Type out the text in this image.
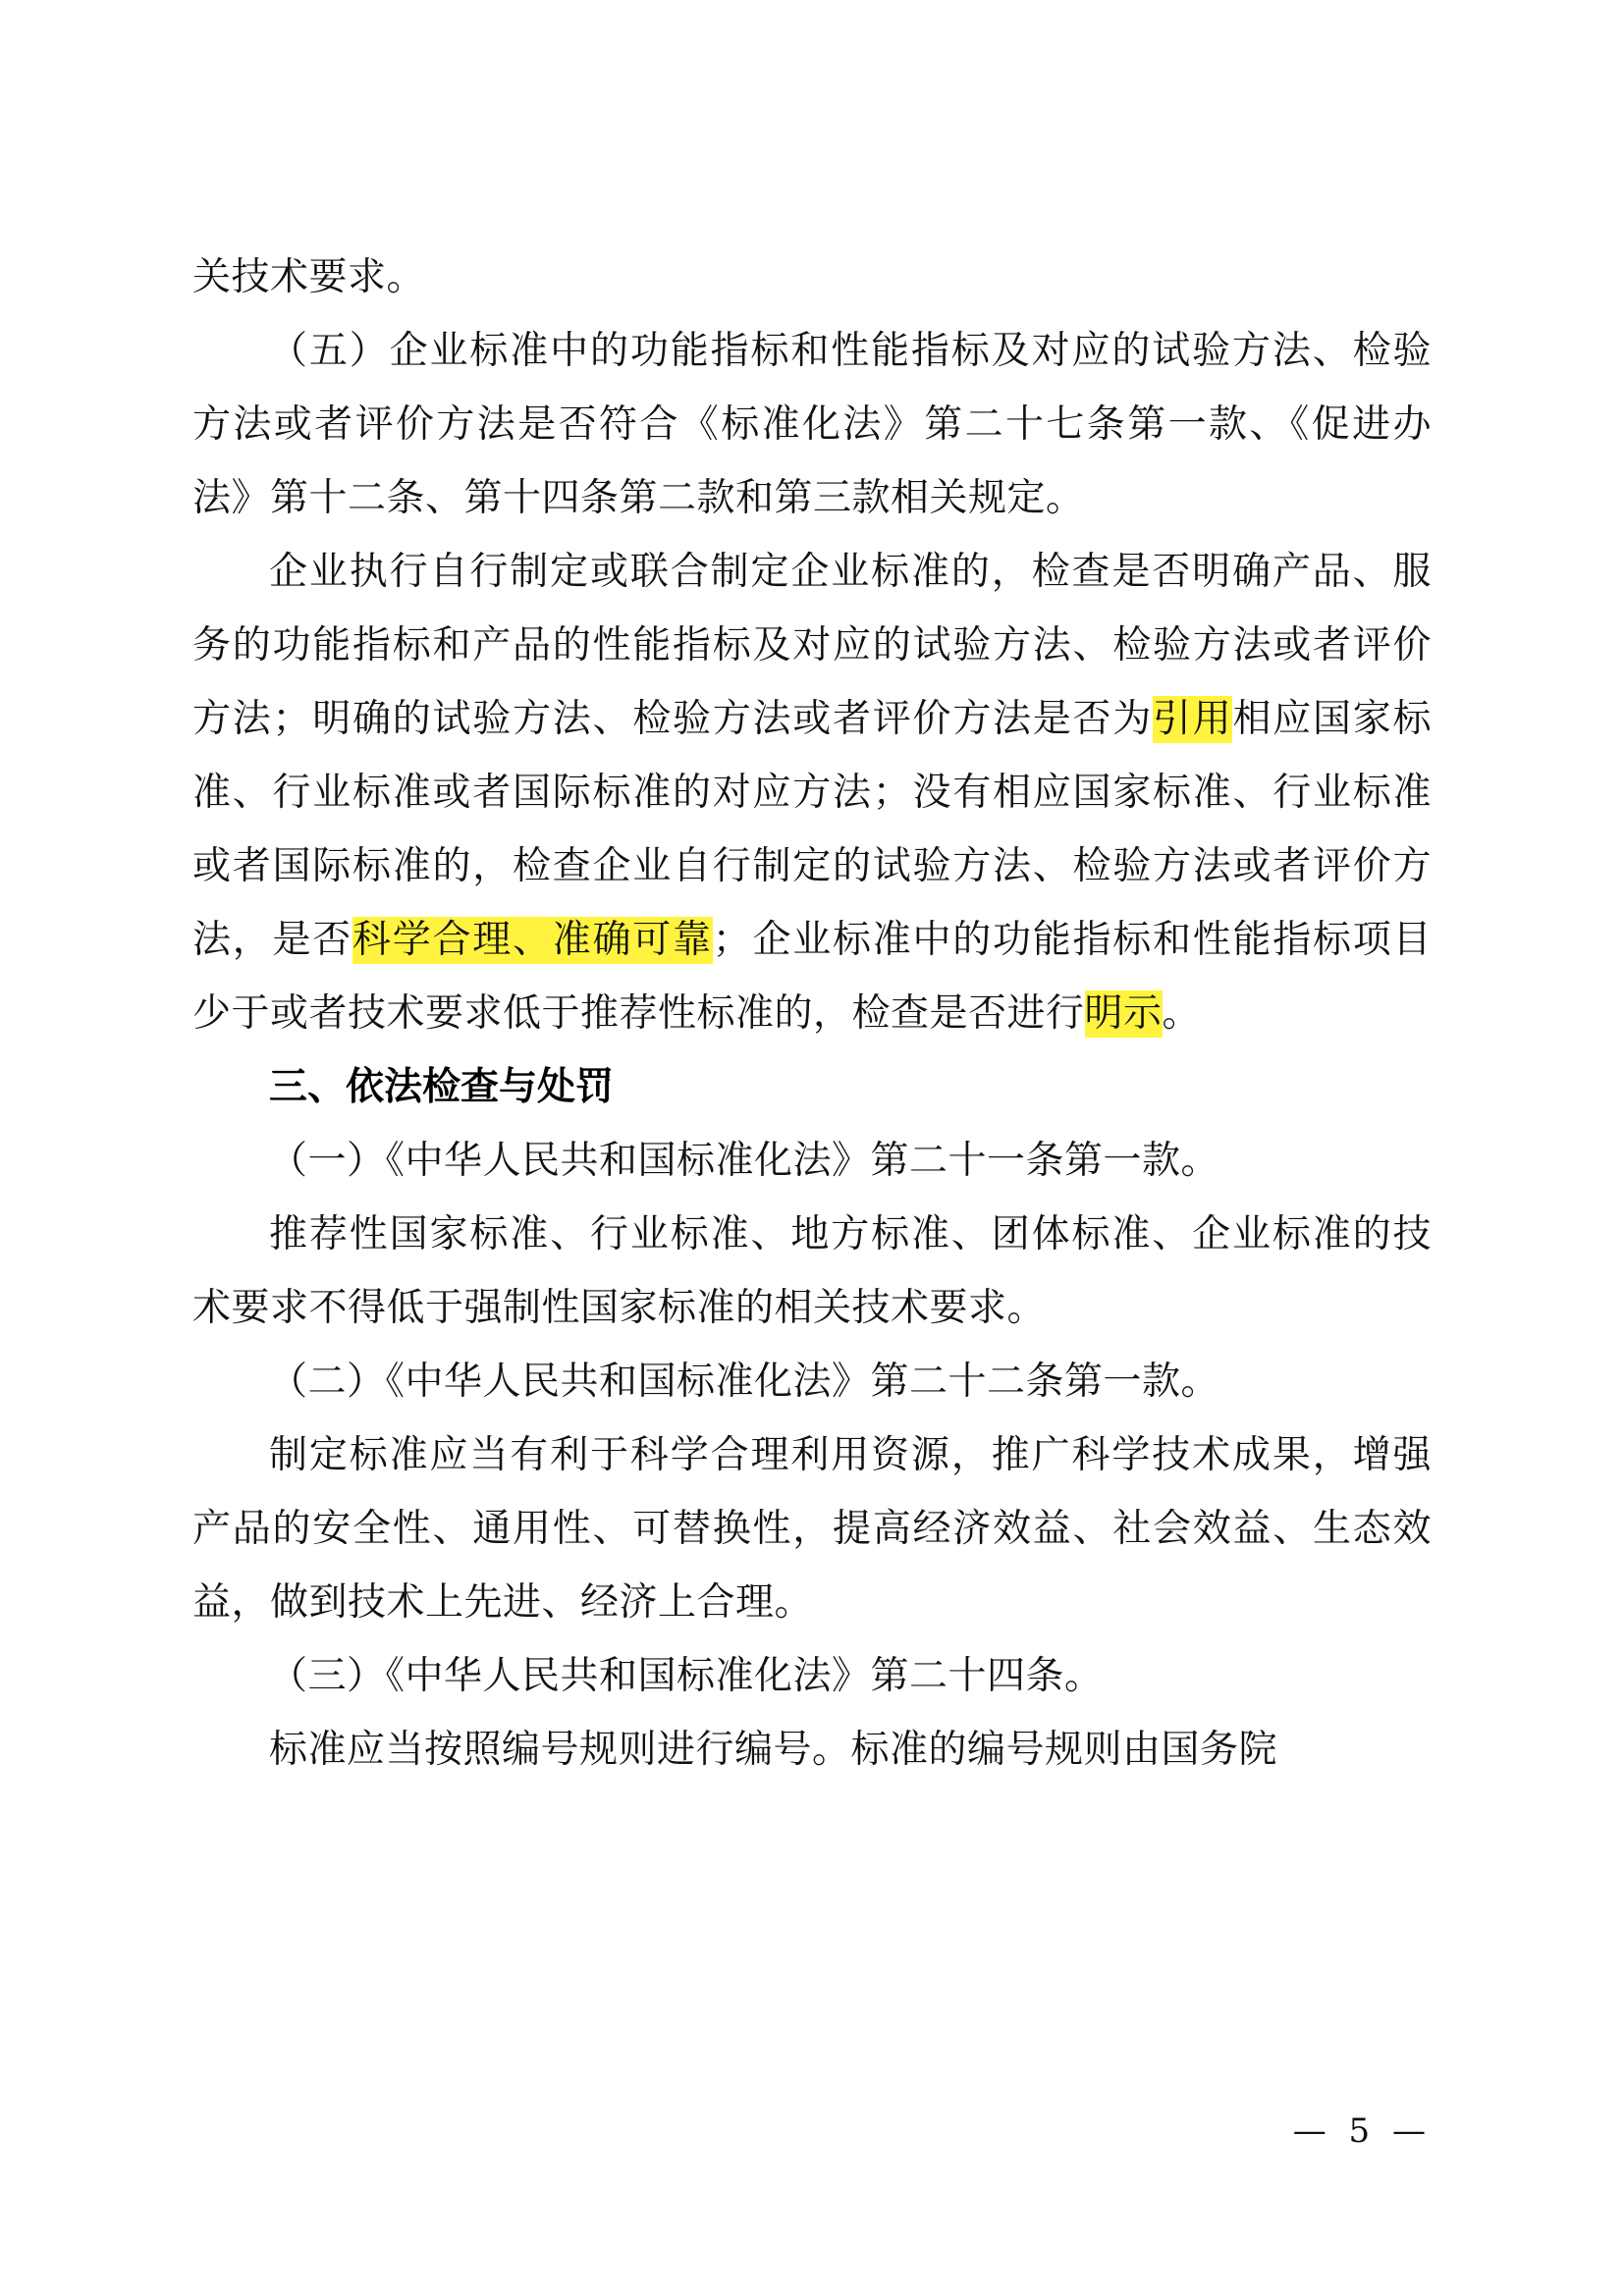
关技术要求。

（五）企业标准中的功能指标和性能指标及对应的试验方法、检验方法或者评价方法是否符合《标准化法》第二十七条第一款、《促进办法》第十二条、第十四条第二款和第三款相关规定。

企业执行自行制定或联合制定企业标准的，检查是否明确产品、服务的功能指标和产品的性能指标及对应的试验方法、检验方法或者评价方法；明确的试验方法、检验方法或者评价方法是否为引用相应国家标准、行业标准或者国际标准的对应方法；没有相应国家标准、行业标准或者国际标准的，检查企业自行制定的试验方法、检验方法或者评价方法，是否科学合理、准确可靠；企业标准中的功能指标和性能指标项目少于或者技术要求低于推荐性标准的，检查是否进行明示。

三、依法检查与处罚

（一）《中华人民共和国标准化法》第二十一条第一款。

推荐性国家标准、行业标准、地方标准、团体标准、企业标准的技术要求不得低于强制性国家标准的相关技术要求。

（二）《中华人民共和国标准化法》第二十二条第一款。

制定标准应当有利于科学合理利用资源，推广科学技术成果，增强产品的安全性、通用性、可替换性，提高经济效益、社会效益、生态效益，做到技术上先进、经济上合理。

（三）《中华人民共和国标准化法》第二十四条。

标准应当按照编号规则进行编号。标准的编号规则由国务院

— 5 —
